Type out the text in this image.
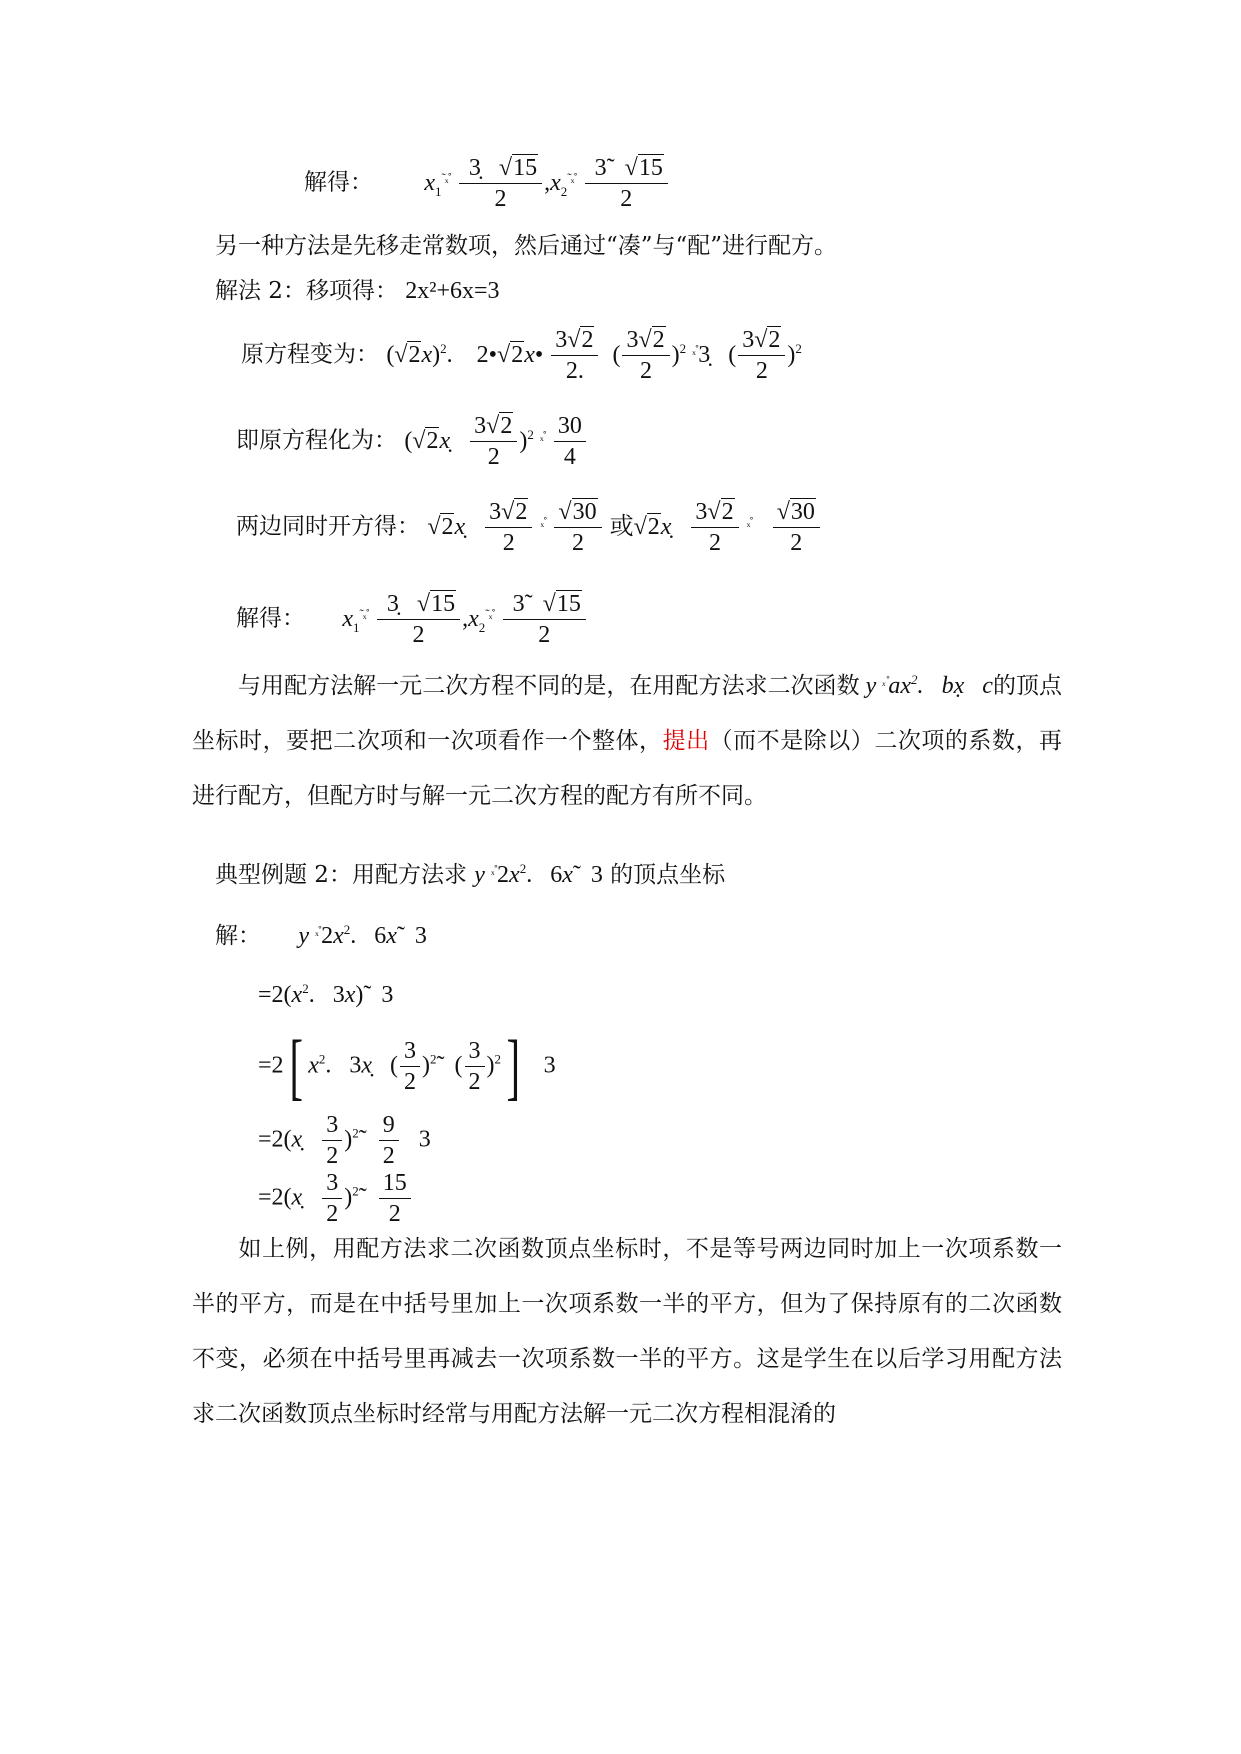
解得： $x_1^{˜_x˚} \frac{3̣ √15}{2} ,x_2^{˜_x˚} \frac{3̃ √15}{2}$
另一种方法是先移走常数项，然后通过“凑”与“配”进行配方。
解法 2：移项得： 2x²+6x=3
原方程变为： $(√2x)^2$.    2•√2x• $\frac{3√2}{2.}$ ( $\frac{3√2}{2} )^2$ $^{_x˚}$3̣   ( $\frac{3√2}{2} )^2$
即原方程化为： (√2x̣ $\frac{3√2}{2} )^2$ $^{_x˚} \frac{30}{4}$
两边同时开方得： √2x̣ $\frac{3√2}{2} ^{_x˚} \frac{√30}{2}$ 或√2x̣ $\frac{3√2}{2} ^{_x˚} \frac{√30}{2}$
解得： $x_1^{˜_x˚} \frac{3̣ √15}{2} ,x_2^{˜_x˚} \frac{3̃ √15}{2}$
与用配方法解一元二次方程不同的是，在用配方法求二次函数 y $^{_x˚}ax^2$.   bx̣   c的顶点坐标时，要把二次项和一次项看作一个整体，提出（而不是除以）二次项的系数，再进行配方，但配方时与解一元二次方程的配方有所不同。
典型例题 2：用配方法求 y $^{_x˚}2x^2$.   6x̃   3 的顶点坐标
解： y $^{_x˚}2x^2$.   6x̃   3
$=2(x^2$.   3x)̃   3
=2[ $x^2$.   3x̣   ( $\frac{3}{2}$ )$^2$̃   ( $\frac{3}{2} )^2$]   3
=2(x̣ $\frac{3}{2}$ )$^2$̃ $\frac{9}{2} 3$
=2(x̣ $\frac{3}{2}$ )$^2$̃ $\frac{15}{2}$
如上例，用配方法求二次函数顶点坐标时，不是等号两边同时加上一次项系数一半的平方，而是在中括号里加上一次项系数一半的平方，但为了保持原有的二次函数不变，必须在中括号里再减去一次项系数一半的平方。这是学生在以后学习用配方法求二次函数顶点坐标时经常与用配方法解一元二次方程相混淆的
